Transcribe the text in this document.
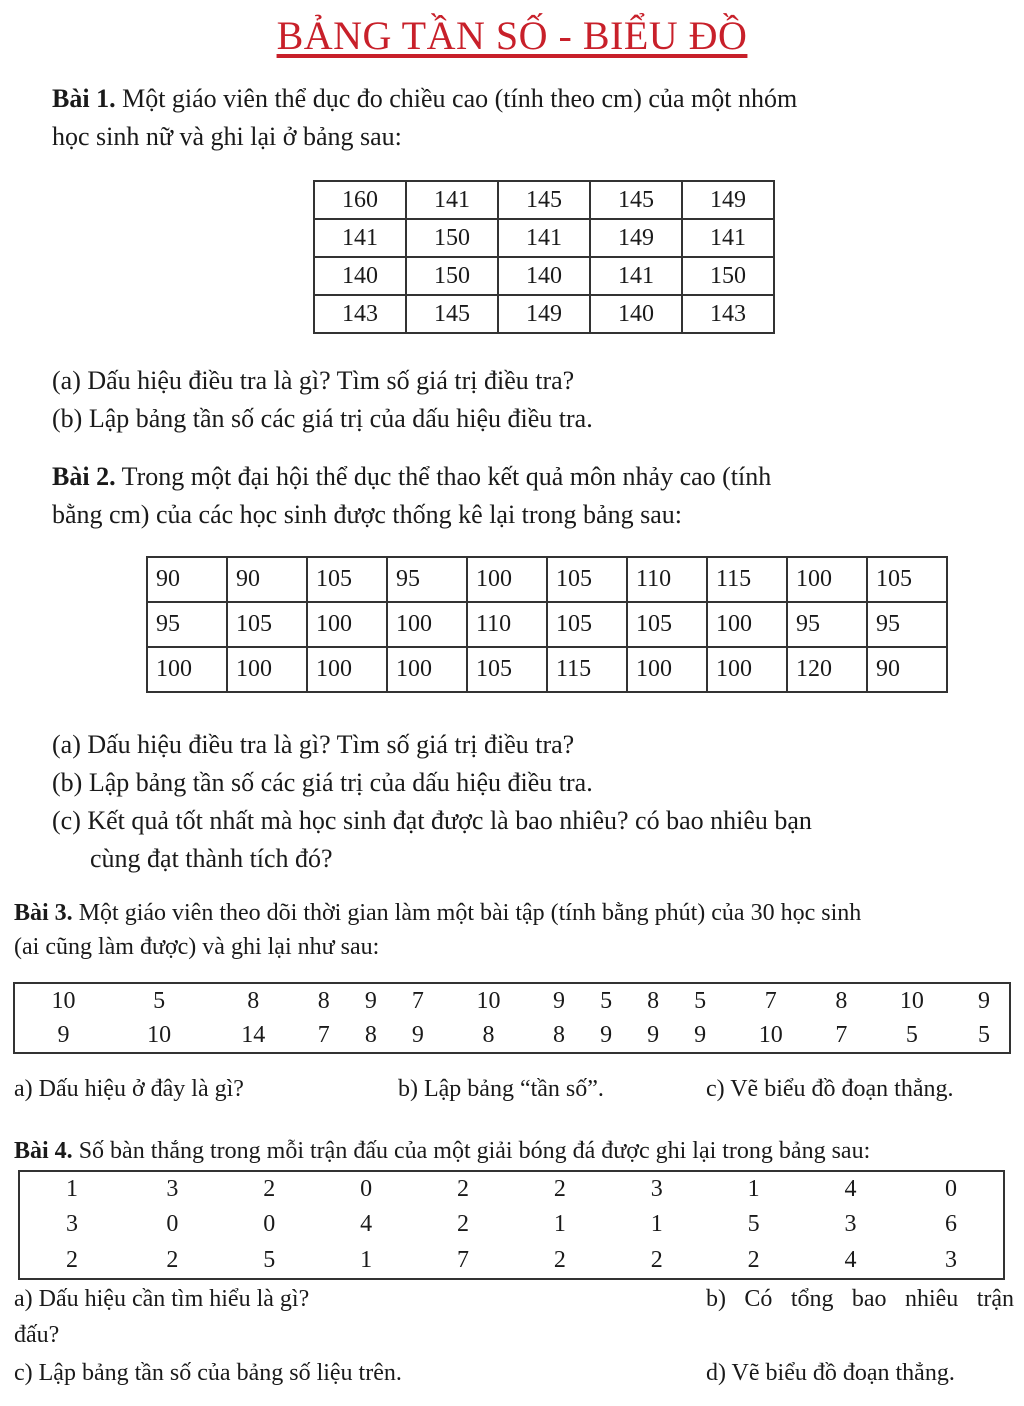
BẢNG TẦN SỐ - BIỂU ĐỒ
Bài 1. Một giáo viên thể dục đo chiều cao (tính theo cm) của một nhóm
học sinh nữ và ghi lại ở bảng sau:
160	141	145	145	149
141	150	141	149	141
140	150	140	141	150
143	145	149	140	143
(a) Dấu hiệu điều tra là gì? Tìm số giá trị điều tra?
(b) Lập bảng tần số các giá trị của dấu hiệu điều tra.
Bài 2. Trong một đại hội thể dục thể thao kết quả môn nhảy cao (tính
bằng cm) của các học sinh được thống kê lại trong bảng sau:
90	90	105	95	100	105	110	115	100	105
95	105	100	100	110	105	105	100	95	95
100	100	100	100	105	115	100	100	120	90
(a) Dấu hiệu điều tra là gì? Tìm số giá trị điều tra?
(b) Lập bảng tần số các giá trị của dấu hiệu điều tra.
(c) Kết quả tốt nhất mà học sinh đạt được là bao nhiêu? có bao nhiêu bạn
cùng đạt thành tích đó?
Bài 3. Một giáo viên theo dõi thời gian làm một bài tập (tính bằng phút) của 30 học sinh
(ai cũng làm được) và ghi lại như sau:
10	5	8	8	9	7	10	9	5	8	5	7	8	10	9
9	10	14	7	8	9	8	8	9	9	9	10	7	5	5
a) Dấu hiệu ở đây là gì?	b) Lập bảng “tần số”.	c) Vẽ biểu đồ đoạn thẳng.
Bài 4. Số bàn thắng trong mỗi trận đấu của một giải bóng đá được ghi lại trong bảng sau:
1	3	2	0	2	2	3	1	4	0
3	0	0	4	2	1	1	5	3	6
2	2	5	1	7	2	2	2	4	3
a) Dấu hiệu cần tìm hiểu là gì?	b) Có tổng bao nhiêu trận
đấu?
c) Lập bảng tần số của bảng số liệu trên.	d) Vẽ biểu đồ đoạn thẳng.
